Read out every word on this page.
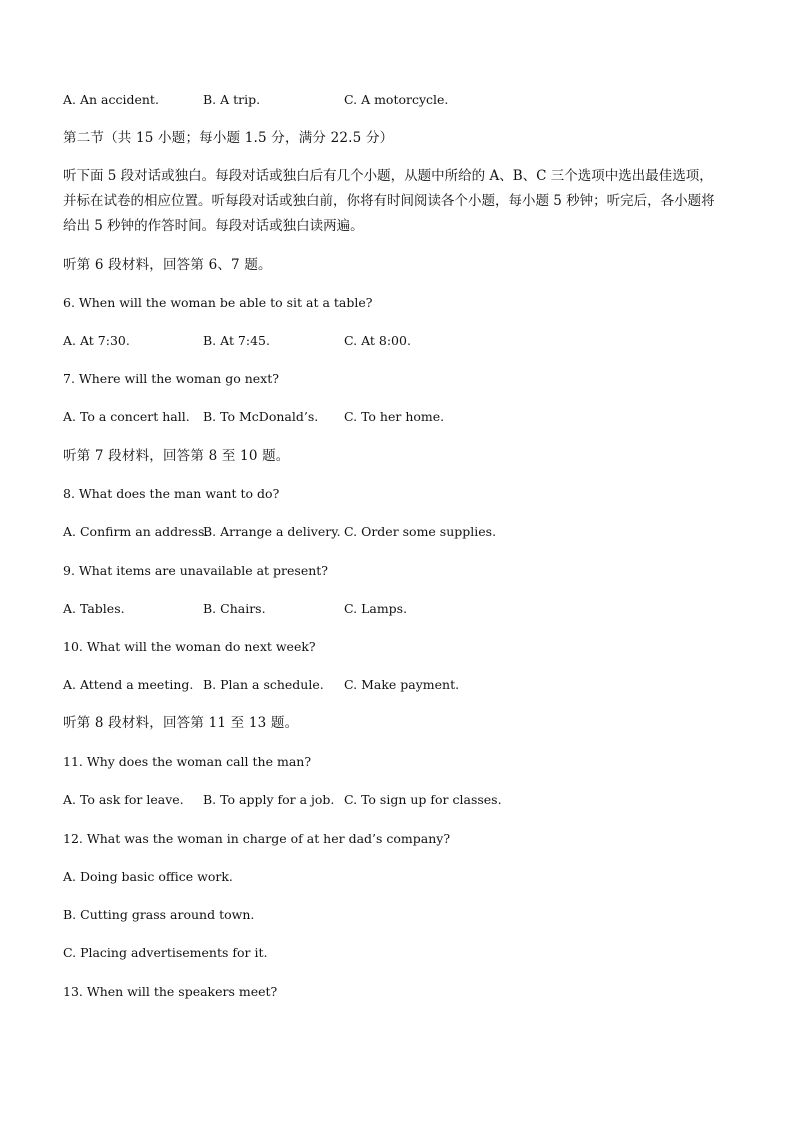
A. An accident.	B. A trip.	C. A motorcycle.
第二节（共 15 小题；每小题 1.5 分，满分 22.5 分）
听下面 5 段对话或独白。每段对话或独白后有几个小题，从题中所给的 A、B、C 三个选项中选出最佳选项，
并标在试卷的相应位置。听每段对话或独白前，你将有时间阅读各个小题，每小题 5 秒钟；听完后，各小题将
给出 5 秒钟的作答时间。每段对话或独白读两遍。
听第 6 段材料，回答第 6、7 题。
6. When will the woman be able to sit at a table?
A. At 7:30.	B. At 7:45.	C. At 8:00.
7. Where will the woman go next?
A. To a concert hall. B. To McDonald’s. C. To her home.
听第 7 段材料，回答第 8 至 10 题。
8. What does the man want to do?
A. Confirm an address.
B. Arrange a delivery. C. Order some supplies.
9. What items are unavailable at present?
A. Tables.	B. Chairs.	C. Lamps.
10. What will the woman do next week?
A. Attend a meeting. B. Plan a schedule. C. Make payment.
听第 8 段材料，回答第 11 至 13 题。
11. Why does the woman call the man?
A. To ask for leave. B. To apply for a job. C. To sign up for classes.
12. What was the woman in charge of at her dad’s company?
A. Doing basic office work.
B. Cutting grass around town.
C. Placing advertisements for it.
13. When will the speakers meet?
